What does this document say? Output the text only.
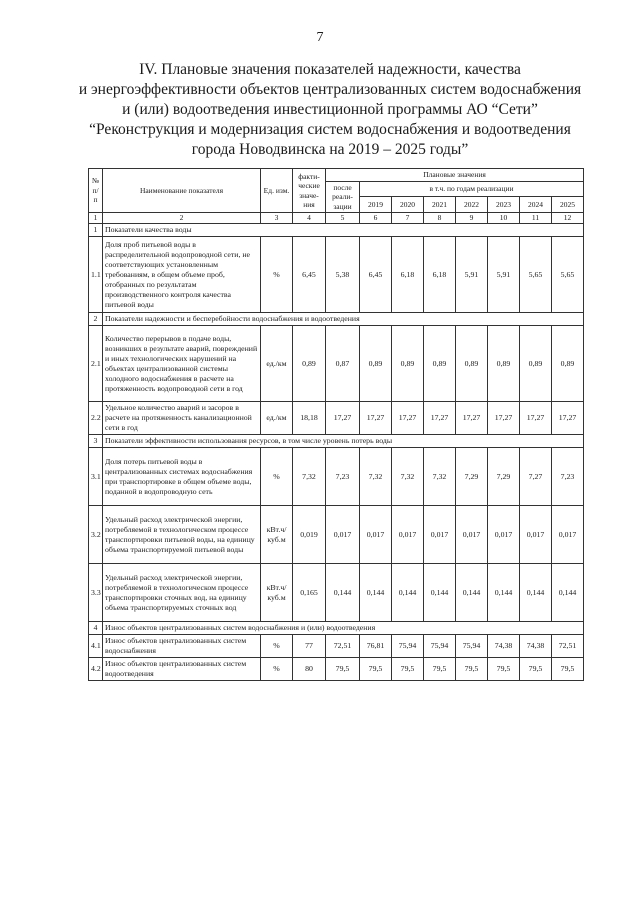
7
IV. Плановые значения показателей надежности, качества
и энергоэффективности объектов централизованных систем водоснабжения
и (или) водоотведения инвестиционной программы АО “Сети”
“Реконструкция и модернизация систем водоснабжения и водоотведения
города Новодвинска на 2019 – 2025 годы”
№ п/п	Наименование показателя	Ед. изм.	факти-ческие значе-ния	Плановые значения							
				после реали-зации	в т.ч. по годам реализации						
					2019	2020	2021	2022	2023	2024	2025
1	2	3	4	5	6	7	8	9	10	11	12
1	Показатели качества воды										
1.1	Доля проб питьевой воды в распределительной водопроводной сети, не соответствующих установленным требованиям, в общем объеме проб, отобранных по результатам производственного контроля качества питьевой воды	%	6,45	5,38	6,45	6,18	6,18	5,91	5,91	5,65	5,65
2	Показатели надежности и бесперебойности водоснабжения и водоотведения										
2.1	Количество перерывов в подаче воды, возникших в результате аварий, повреждений и иных технологических нарушений на объектах централизованной системы холодного водоснабжения в расчете на протяженность водопроводной сети в год	ед./км	0,89	0,87	0,89	0,89	0,89	0,89	0,89	0,89	0,89
2.2	Удельное количество аварий и засоров в расчете на протяженность канализационной сети в год	ед./км	18,18	17,27	17,27	17,27	17,27	17,27	17,27	17,27	17,27
3	Показатели эффективности использования ресурсов, в том числе уровень потерь воды										
3.1	Доля потерь питьевой воды в централизованных системах водоснабжения при транспортировке в общем объеме воды, поданной в водопроводную сеть	%	7,32	7,23	7,32	7,32	7,32	7,29	7,29	7,27	7,23
3.2	Удельный расход электрической энергии, потребляемой в технологическом процессе транспортировки питьевой воды, на единицу объема транспортируемой питьевой воды	кВт.ч/куб.м	0,019	0,017	0,017	0,017	0,017	0,017	0,017	0,017	0,017
3.3	Удельный расход электрической энергии, потребляемой в технологическом процессе транспортировки сточных вод, на единицу объема транспортируемых сточных вод	кВт.ч/куб.м	0,165	0,144	0,144	0,144	0,144	0,144	0,144	0,144	0,144
4	Износ объектов централизованных систем водоснабжения и (или) водоотведения										
4.1	Износ объектов централизованных систем водоснабжения	%	77	72,51	76,81	75,94	75,94	75,94	74,38	74,38	72,51
4.2	Износ объектов централизованных систем водоотведения	%	80	79,5	79,5	79,5	79,5	79,5	79,5	79,5	79,5
